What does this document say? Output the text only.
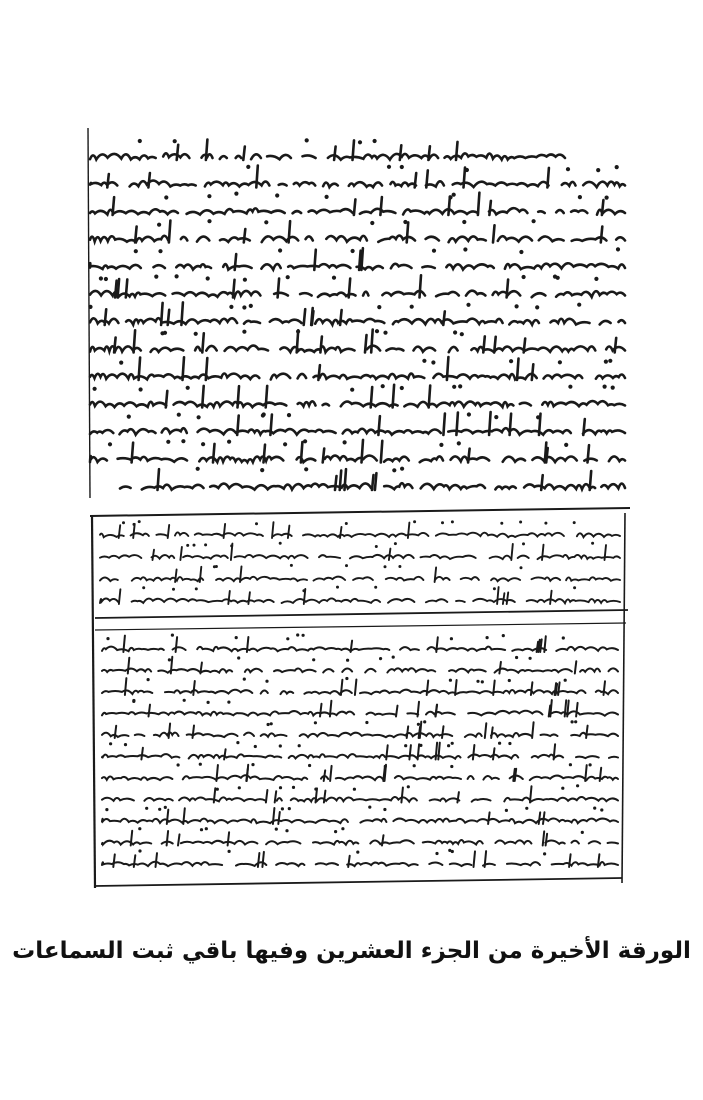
الورقة الأخيرة من الجزء العشرين وفيها باقي ثبت السماعات
